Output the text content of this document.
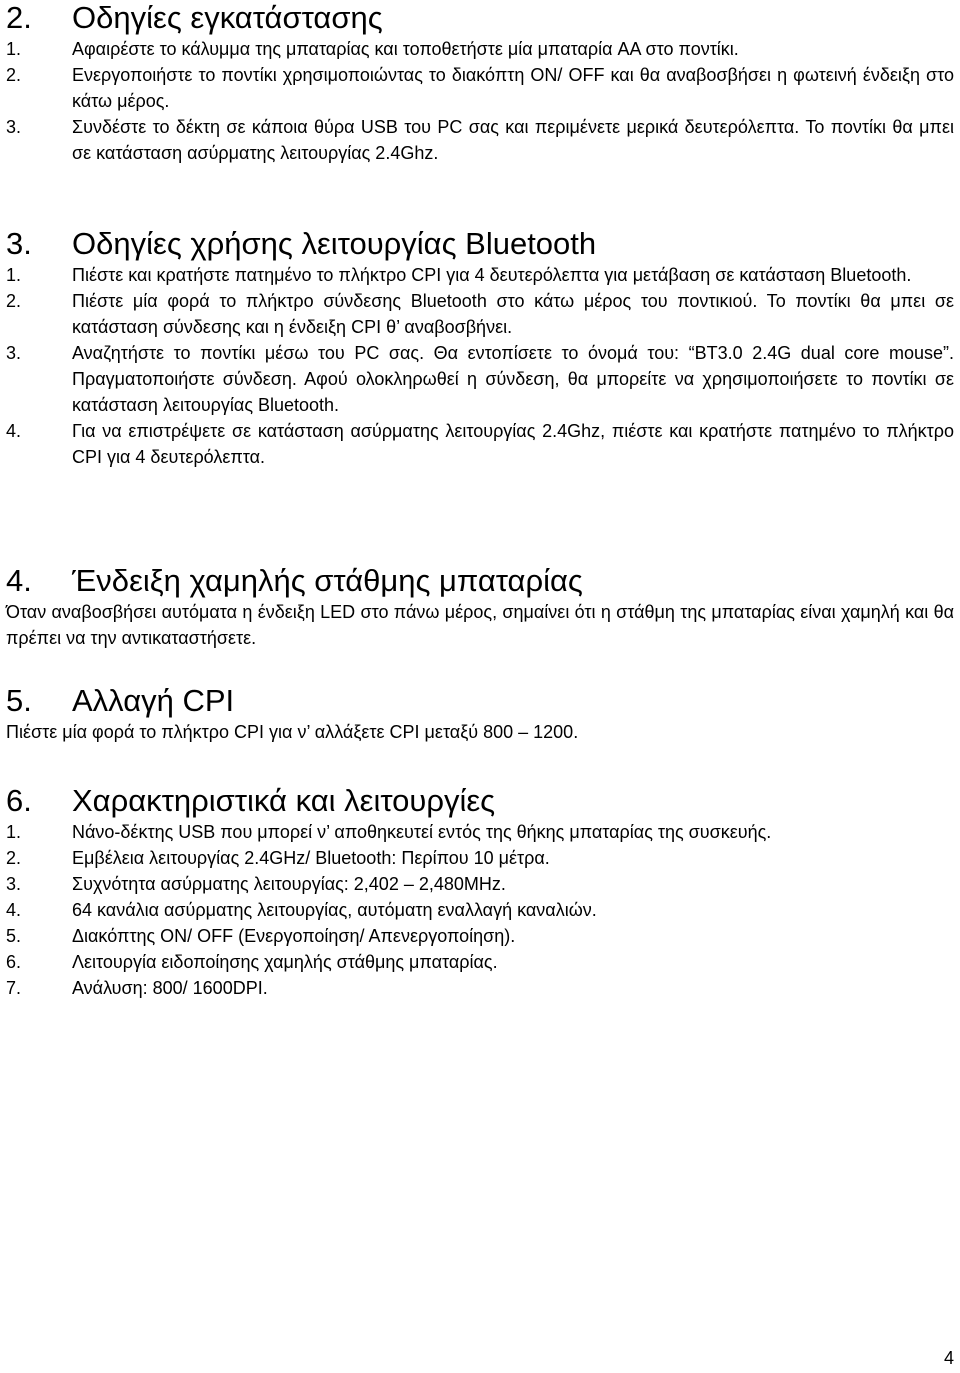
2. Οδηγίες εγκατάστασης
1.	Αφαιρέστε το κάλυμμα της μπαταρίας και τοποθετήστε μία μπαταρία AA στο ποντίκι.
2.	Ενεργοποιήστε το ποντίκι χρησιμοποιώντας το διακόπτη ON/ OFF και θα αναβοσβήσει η φωτεινή ένδειξη στο κάτω μέρος.
3.	Συνδέστε το δέκτη σε κάποια θύρα USB του PC σας και περιμένετε μερικά δευτερόλεπτα. Το ποντίκι θα μπει σε κατάσταση ασύρματης λειτουργίας 2.4Ghz.
3. Οδηγίες χρήσης λειτουργίας Bluetooth
1.	Πιέστε και κρατήστε πατημένο το πλήκτρο CPI για 4 δευτερόλεπτα για μετάβαση σε κατάσταση Bluetooth.
2.	Πιέστε μία φορά το πλήκτρο σύνδεσης Bluetooth στο κάτω μέρος του ποντικιού. Το ποντίκι θα μπει σε κατάσταση σύνδεσης και η ένδειξη CPI θ’ αναβοσβήνει.
3.	Αναζητήστε το ποντίκι μέσω του PC σας. Θα εντοπίσετε το όνομά του: “BT3.0 2.4G dual core mouse”. Πραγματοποιήστε σύνδεση. Αφού ολοκληρωθεί η σύνδεση, θα μπορείτε να χρησιμοποιήσετε το ποντίκι σε κατάσταση λειτουργίας Bluetooth.
4.	Για να επιστρέψετε σε κατάσταση ασύρματης λειτουργίας 2.4Ghz, πιέστε και κρατήστε πατημένο το πλήκτρο CPI για 4 δευτερόλεπτα.
4. Ένδειξη χαμηλής στάθμης μπαταρίας
Όταν αναβοσβήσει αυτόματα η ένδειξη LED στο πάνω μέρος, σημαίνει ότι η στάθμη της μπαταρίας είναι χαμηλή και θα πρέπει να την αντικαταστήσετε.
5. Αλλαγή CPI
Πιέστε μία φορά το πλήκτρο CPI για ν’ αλλάξετε CPI μεταξύ 800 – 1200.
6. Χαρακτηριστικά και λειτουργίες
1.	Νάνο-δέκτης USB που μπορεί ν’ αποθηκευτεί εντός της θήκης μπαταρίας της συσκευής.
2.	Εμβέλεια λειτουργίας 2.4GHz/ Bluetooth: Περίπου 10 μέτρα.
3.	Συχνότητα ασύρματης λειτουργίας: 2,402 – 2,480MHz.
4.	64 κανάλια ασύρματης λειτουργίας, αυτόματη εναλλαγή καναλιών.
5.	Διακόπτης ON/ OFF (Ενεργοποίηση/ Απενεργοποίηση).
6.	Λειτουργία ειδοποίησης χαμηλής στάθμης μπαταρίας.
7.	Ανάλυση: 800/ 1600DPI.
4
